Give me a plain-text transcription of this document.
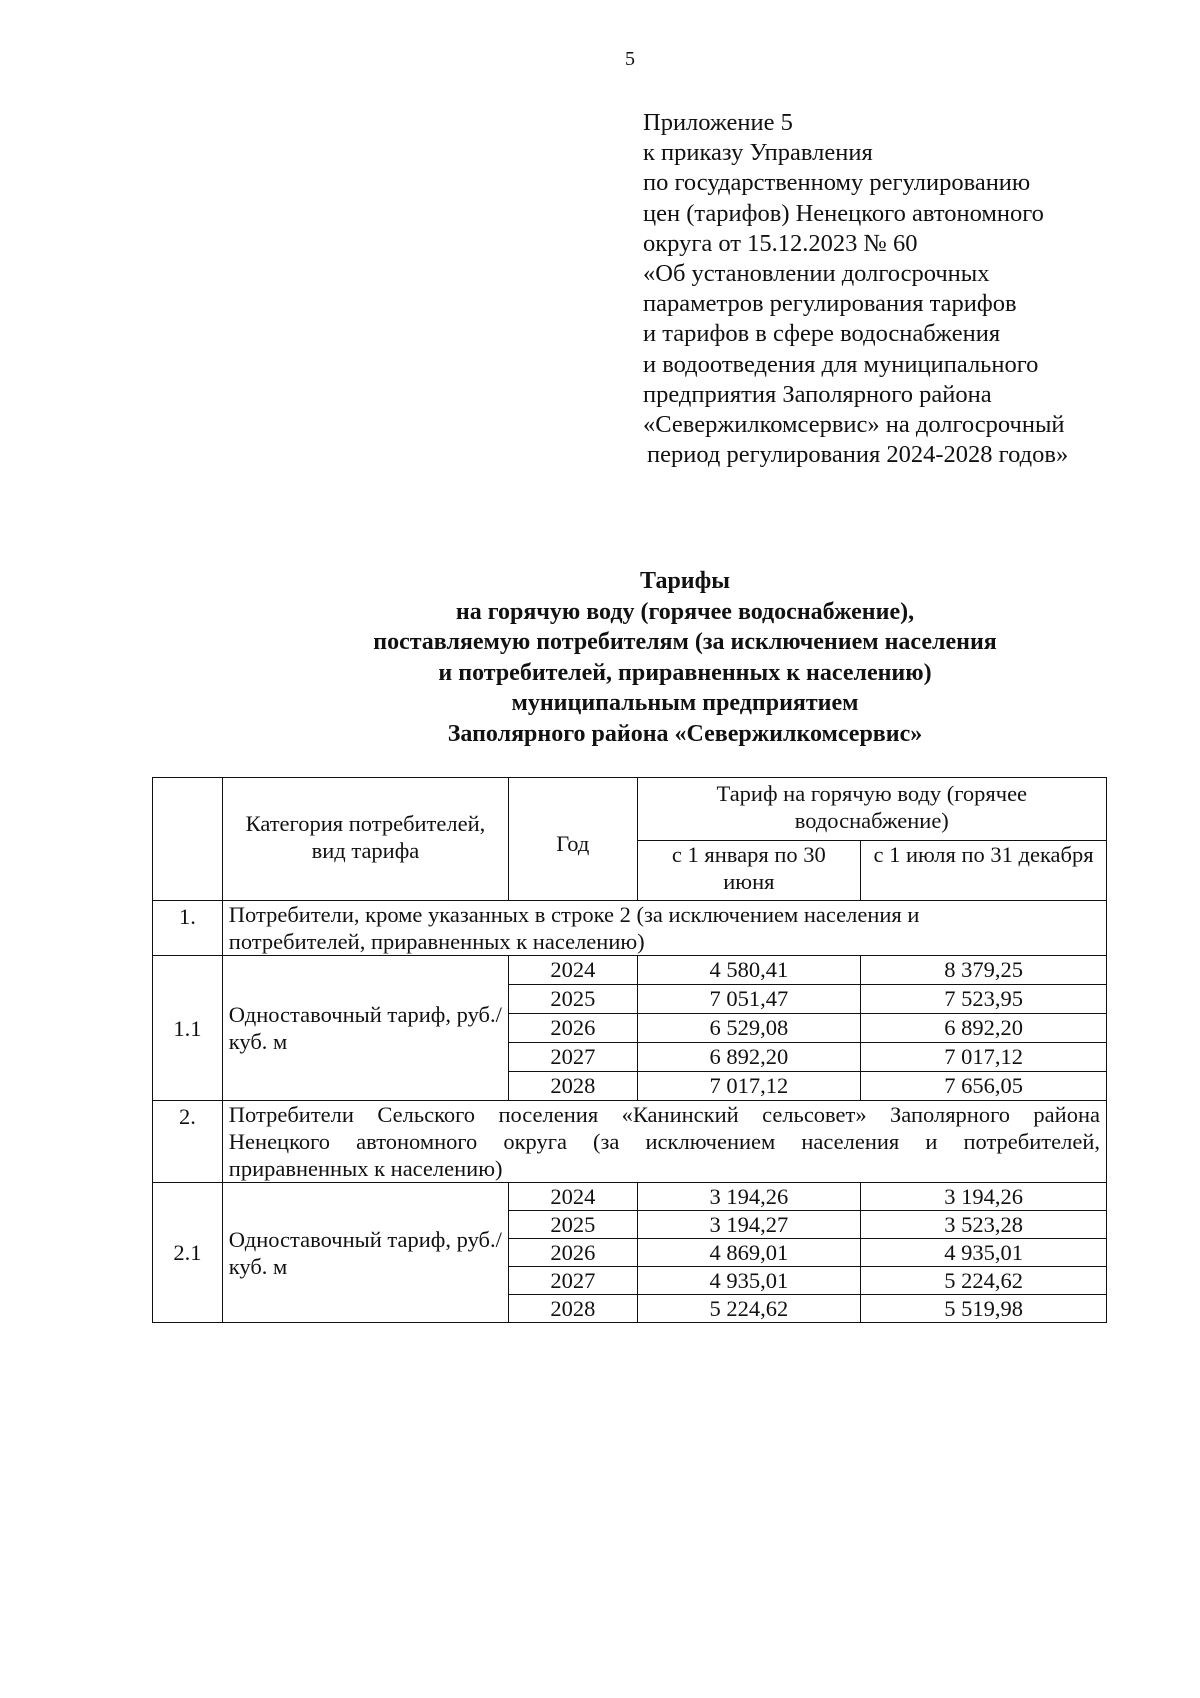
5
Приложение 5
к приказу Управления
по государственному регулированию
цен (тарифов) Ненецкого автономного
округа от 15.12.2023 № 60
«Об установлении долгосрочных
параметров регулирования тарифов
и тарифов в сфере водоснабжения
и водоотведения для муниципального
предприятия Заполярного района
«Севержилкомсервис» на долгосрочный
период регулирования 2024-2028 годов»
Тарифы
на горячую воду (горячее водоснабжение),
поставляемую потребителям (за исключением населения
и потребителей, приравненных к населению)
муниципальным предприятием
Заполярного района «Севержилкомсервис»
	Категория потребителей, вид тарифа	Год	Тариф на горячую воду (горячее водоснабжение)	
			с 1 января по 30 июня	с 1 июля по 31 декабря
1.	Потребители, кроме указанных в строке 2 (за исключением населения и потребителей, приравненных к населению)			
1.1	Одноставочный тариф, руб./куб. м	2024	4 580,41	8 379,25
		2025	7 051,47	7 523,95
		2026	6 529,08	6 892,20
		2027	6 892,20	7 017,12
		2028	7 017,12	7 656,05
2.	Потребители Сельского поселения «Канинский сельсовет» Заполярного района Ненецкого автономного округа (за исключением населения и потребителей, приравненных к населению)			
2.1	Одноставочный тариф, руб./куб. м	2024	3 194,26	3 194,26
		2025	3 194,27	3 523,28
		2026	4 869,01	4 935,01
		2027	4 935,01	5 224,62
		2028	5 224,62	5 519,98
